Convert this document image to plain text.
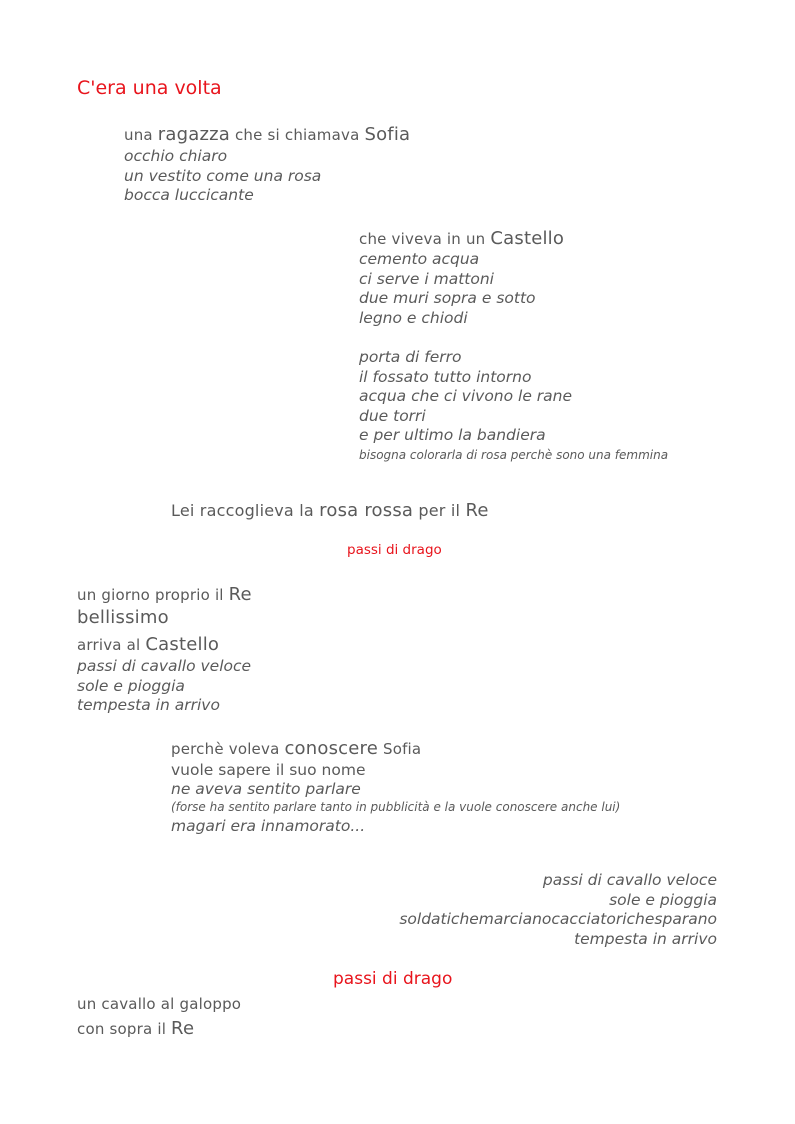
C'era una volta
una ragazza che si chiamava Sofia
occhio chiaro
un vestito come una rosa
bocca luccicante
che viveva in un Castello
cemento acqua
ci serve i mattoni
due muri sopra e sotto
legno e chiodi
porta di ferro
il fossato tutto intorno
acqua che ci vivono le rane
due torri
e per ultimo la bandiera
bisogna colorarla di rosa perchè sono una femmina
Lei raccoglieva la rosa rossa per il Re
passi di drago
un giorno proprio il Re
bellissimo
arriva al Castello
passi di cavallo veloce
sole e pioggia
tempesta in arrivo
perchè voleva conoscere Sofia
vuole sapere il suo nome
ne aveva sentito parlare
(forse ha sentito parlare tanto in pubblicità e la vuole conoscere anche lui)
magari era innamorato...
passi di cavallo veloce
sole e pioggia
soldatichemarcianocacciatorichesparano
tempesta in arrivo
passi di drago
un cavallo al galoppo
con sopra il Re
